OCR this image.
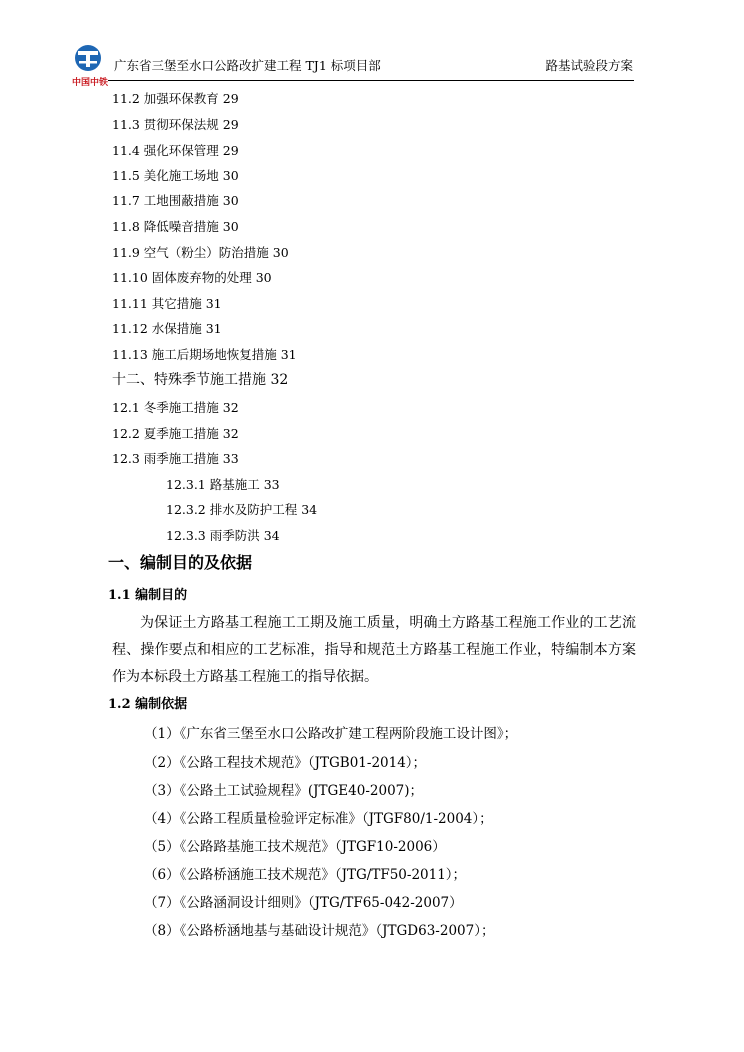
中国中铁
广东省三堡至水口公路改扩建工程 TJ1 标项目部	路基试验段方案
11.2 加强环保教育 29
11.3 贯彻环保法规 29
11.4 强化环保管理 29
11.5 美化施工场地 30
11.7 工地围蔽措施 30
11.8 降低噪音措施 30
11.9 空气（粉尘）防治措施 30
11.10 固体废弃物的处理 30
11.11 其它措施 31
11.12 水保措施 31
11.13 施工后期场地恢复措施 31
十二、特殊季节施工措施 32
12.1 冬季施工措施 32
12.2 夏季施工措施 32
12.3 雨季施工措施 33
12.3.1 路基施工 33
12.3.2 排水及防护工程 34
12.3.3 雨季防洪 34
一、编制目的及依据
1.1 编制目的
为保证土方路基工程施工工期及施工质量，明确土方路基工程施工作业的工艺流程、操作要点和相应的工艺标准，指导和规范土方路基工程施工作业，特编制本方案作为本标段土方路基工程施工的指导依据。
1.2 编制依据
（1）《广东省三堡至水口公路改扩建工程两阶段施工设计图》；
（2）《公路工程技术规范》（JTGB01-2014）；
（3）《公路土工试验规程》(JTGE40-2007)；
（4）《公路工程质量检验评定标准》（JTGF80/1-2004）；
（5）《公路路基施工技术规范》（JTGF10-2006）
（6）《公路桥涵施工技术规范》（JTG/TF50-2011）；
（7）《公路涵洞设计细则》（JTG/TF65-042-2007）
（8）《公路桥涵地基与基础设计规范》（JTGD63-2007）；
